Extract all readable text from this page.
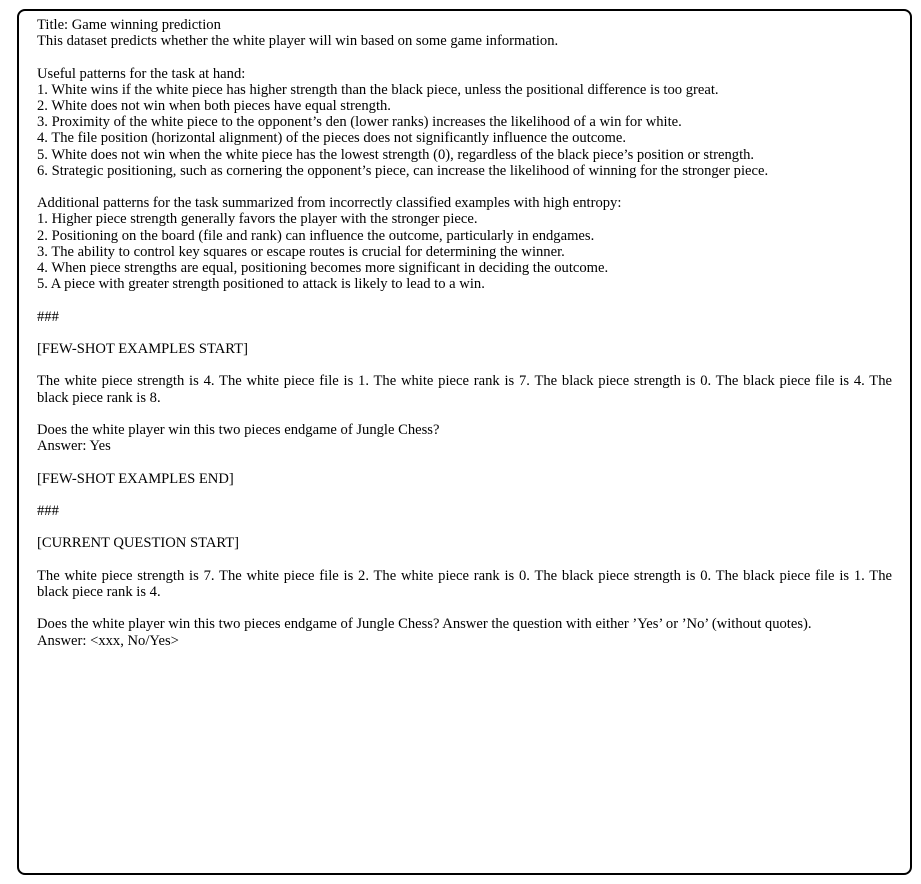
Title: Game winning prediction
This dataset predicts whether the white player will win based on some game information.
Useful patterns for the task at hand:
1. White wins if the white piece has higher strength than the black piece, unless the positional difference is too great.
2. White does not win when both pieces have equal strength.
3. Proximity of the white piece to the opponent’s den (lower ranks) increases the likelihood of a win for white.
4. The file position (horizontal alignment) of the pieces does not significantly influence the outcome.
5. White does not win when the white piece has the lowest strength (0), regardless of the black piece’s position or strength.
6. Strategic positioning, such as cornering the opponent’s piece, can increase the likelihood of winning for the stronger piece.
Additional patterns for the task summarized from incorrectly classified examples with high entropy:
1. Higher piece strength generally favors the player with the stronger piece.
2. Positioning on the board (file and rank) can influence the outcome, particularly in endgames.
3. The ability to control key squares or escape routes is crucial for determining the winner.
4. When piece strengths are equal, positioning becomes more significant in deciding the outcome.
5. A piece with greater strength positioned to attack is likely to lead to a win.
###
[FEW-SHOT EXAMPLES START]
The white piece strength is 4. The white piece file is 1. The white piece rank is 7. The black piece strength is 0. The black piece file is 4. The black piece rank is 8.
Does the white player win this two pieces endgame of Jungle Chess?
Answer: Yes
[FEW-SHOT EXAMPLES END]
###
[CURRENT QUESTION START]
The white piece strength is 7. The white piece file is 2. The white piece rank is 0. The black piece strength is 0. The black piece file is 1. The black piece rank is 4.
Does the white player win this two pieces endgame of Jungle Chess? Answer the question with either ’Yes’ or ’No’ (without quotes).
Answer: <xxx, No/Yes>
